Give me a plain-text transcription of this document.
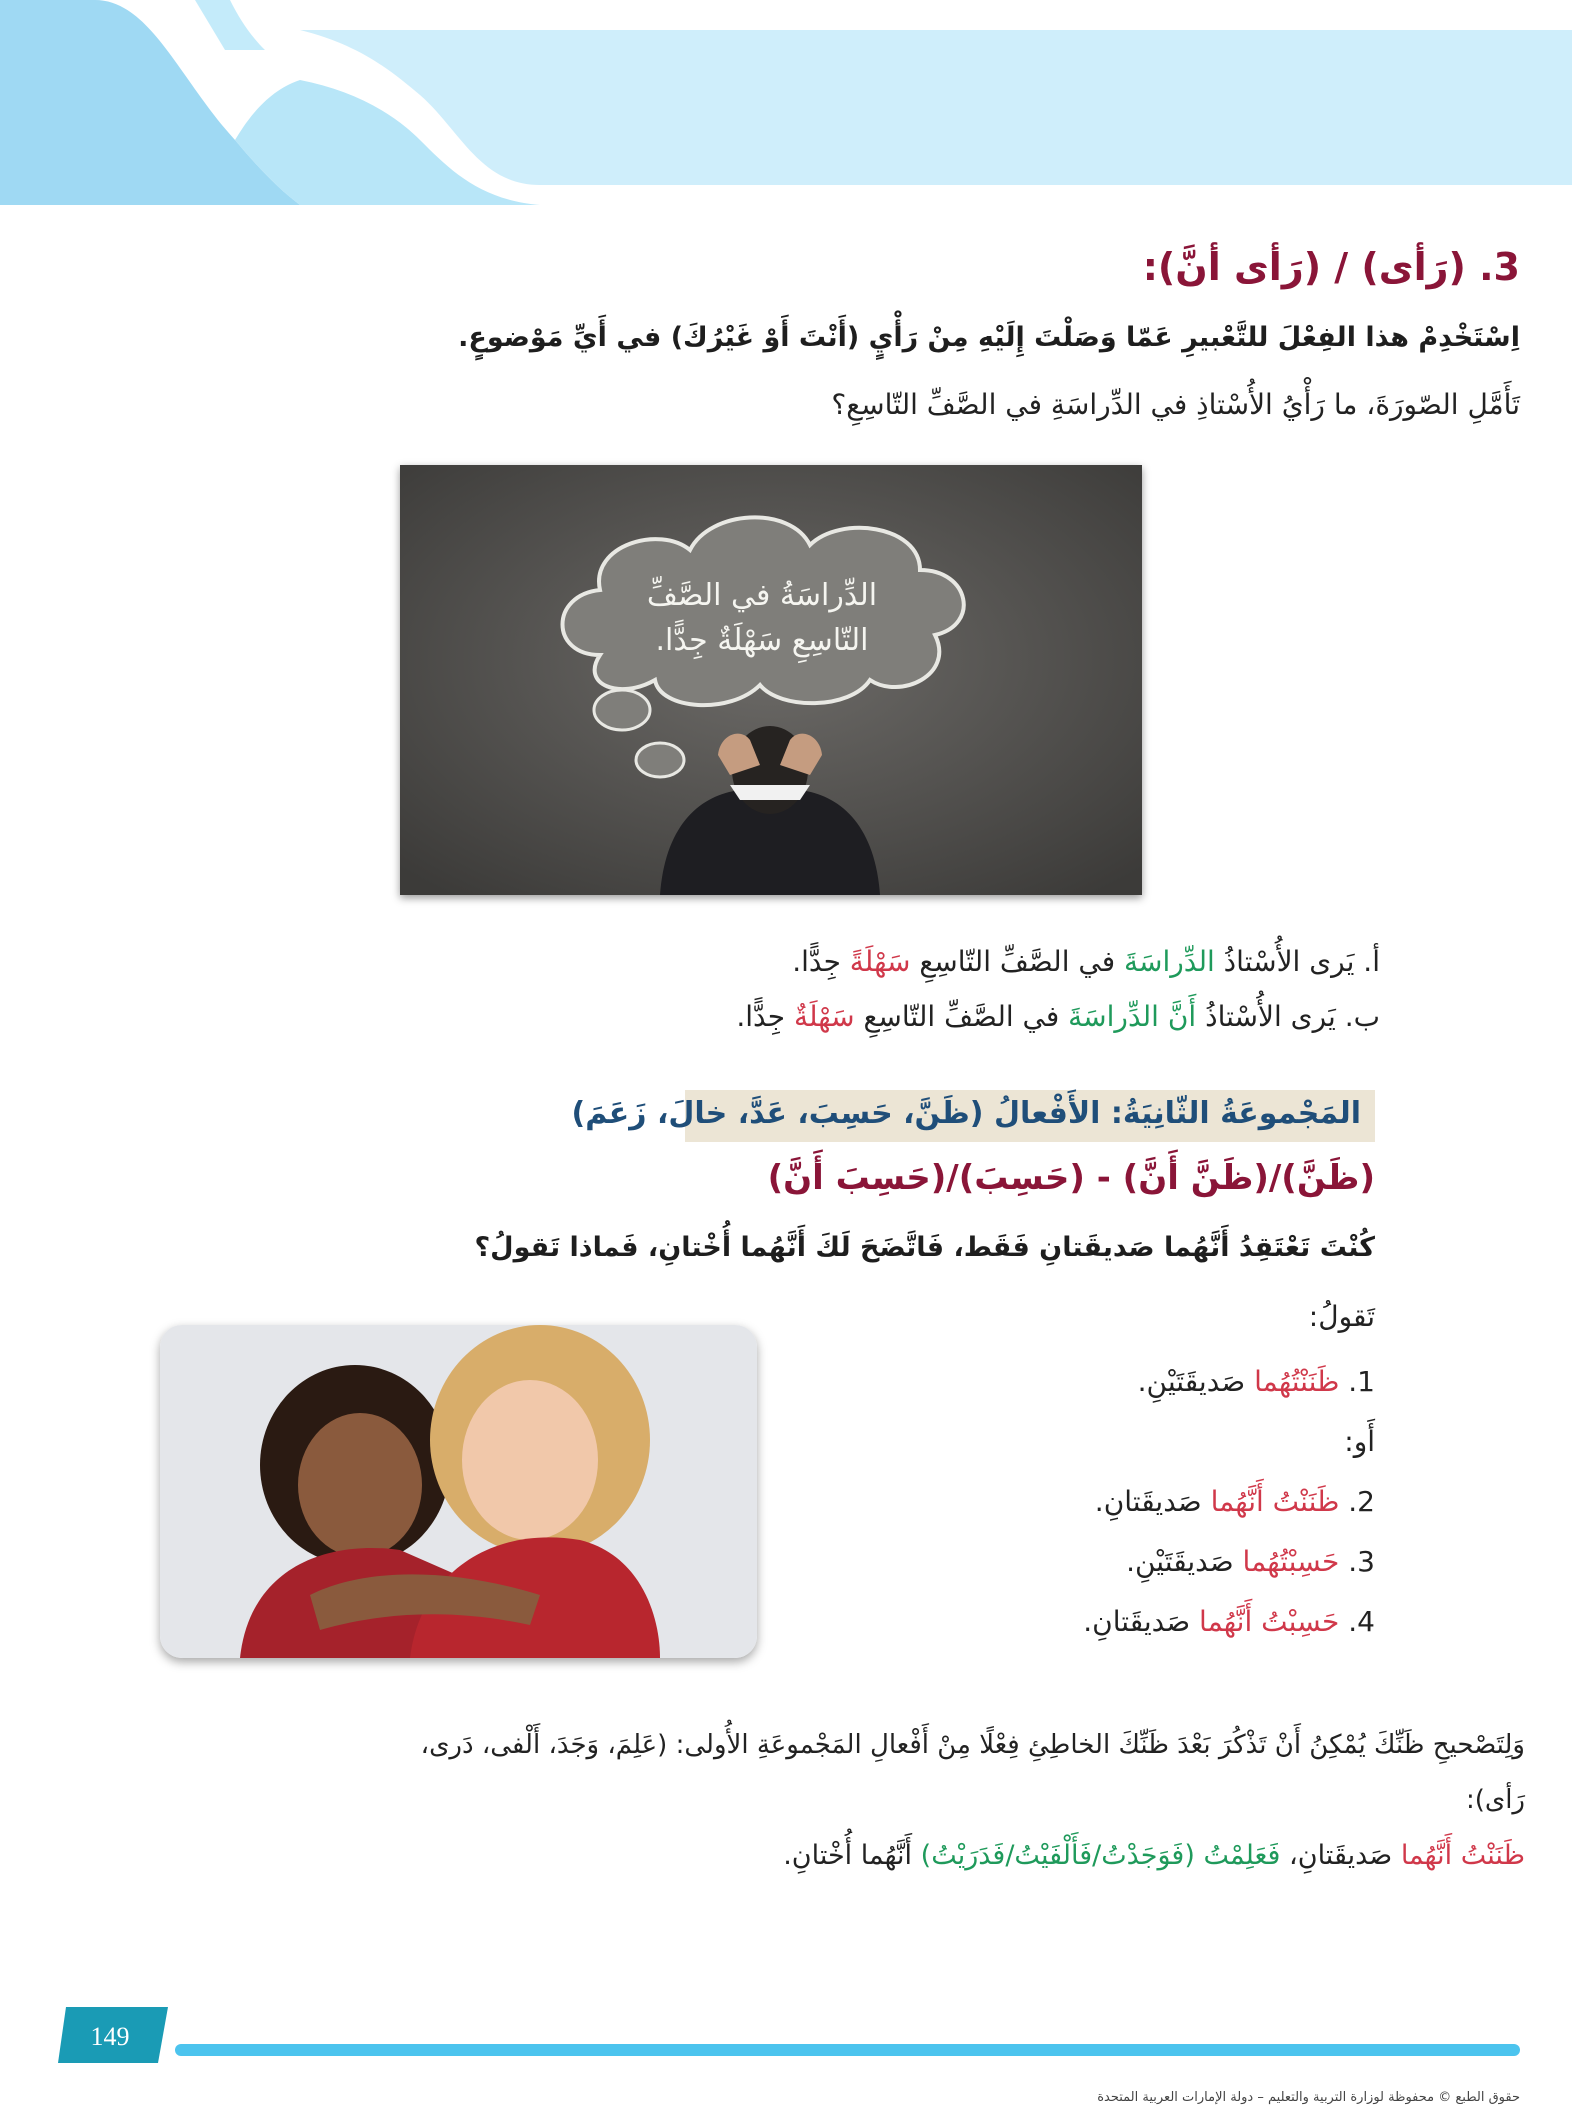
3. (رَأى) / (رَأى أنَّ):
اِسْتَخْدِمْ هذا الفِعْلَ للتَّعْبيرِ عَمّا وَصَلْتَ إِلَيْهِ مِنْ رَأْيٍ (أَنْتَ أَوْ غَيْرُكَ) في أَيِّ مَوْضوعٍ.
تَأَمَّلِ الصّورَةَ، ما رَأْيُ الأُسْتاذِ في الدِّراسَةِ في الصَّفِّ التّاسِعِ؟
الدِّراسَةُ في الصَّفِّ
التّاسِعِ سَهْلَةٌ جِدًّا.
أ. يَرى الأُسْتاذُ الدِّراسَةَ في الصَّفِّ التّاسِعِ سَهْلَةً جِدًّا.
ب. يَرى الأُسْتاذُ أَنَّ الدِّراسَةَ في الصَّفِّ التّاسِعِ سَهْلَةٌ جِدًّا.
المَجْموعَةُ الثّانِيَةُ: الأَفْعالُ (ظَنَّ، حَسِبَ، عَدَّ، خالَ، زَعَمَ)
(ظَنَّ)/(ظَنَّ أَنَّ) - (حَسِبَ)/(حَسِبَ أَنَّ)
كُنْتَ تَعْتَقِدُ أَنَّهُما صَديقَتانِ فَقَط، فَاتَّضَحَ لَكَ أَنَّهُما أُخْتانِ، فَماذا تَقولُ؟
تَقولُ:
1. ظَنَنْتُهُما صَديقَتَيْنِ.
أَو:
2. ظَنَنْتُ أَنَّهُما صَديقَتانِ.
3. حَسِبْتُهُما صَديقَتَيْنِ.
4. حَسِبْتُ أَنَّهُما صَديقَتانِ.
وَلِتَصْحيحِ ظَنِّكَ يُمْكِنُ أَنْ تَذْكُرَ بَعْدَ ظَنِّكَ الخاطِئِ فِعْلًا مِنْ أَفْعالِ المَجْموعَةِ الأُولى: (عَلِمَ، وَجَدَ، أَلْفى، دَرى،
رَأى):
ظَنَنْتُ أَنَّهُما صَديقَتانِ، فَعَلِمْتُ (فَوَجَدْتُ/فَأَلْفَيْتُ/فَدَرَيْتُ) أَنَّهُما أُخْتانِ.
149
حقوق الطبع © محفوظة لوزارة التربية والتعليم – دولة الإمارات العربية المتحدة
